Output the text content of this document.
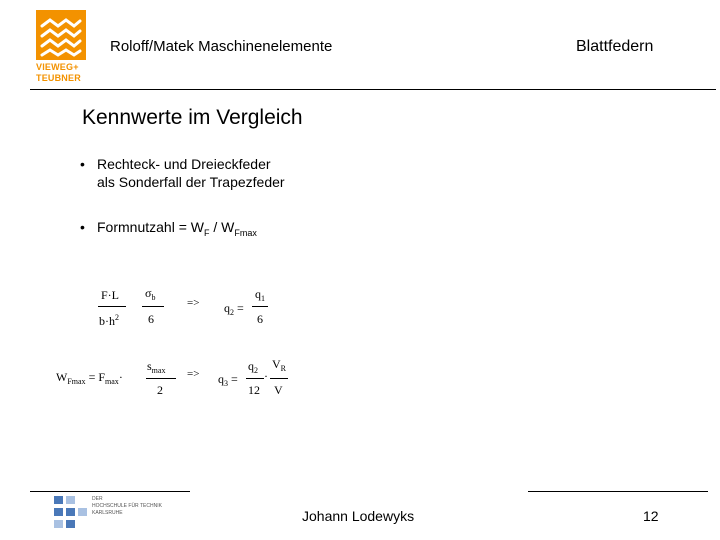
VIEWEG+
TEUBNER
Roloff/Matek Maschinenelemente	Blattfedern
Kennwerte im Vergleich
• Rechteck- und Dreieckfeder
als Sonderfall der Trapezfeder
• Formnutzahl = $W_F / W_{Fmax}$
F·L
$b\cdot h^2$
$\sigma_b$
6
=> $q_2$ =
$q_1$
6
$W_{Fmax} = F_{max}\cdot$
$s_{max}$
2
=> $q_3$ =
$q_2$
12
·
$V_R$
V
DER
HOCHSCHULE FÜR TECHNIK
KARLSRUHE	Johann Lodewyks	12
